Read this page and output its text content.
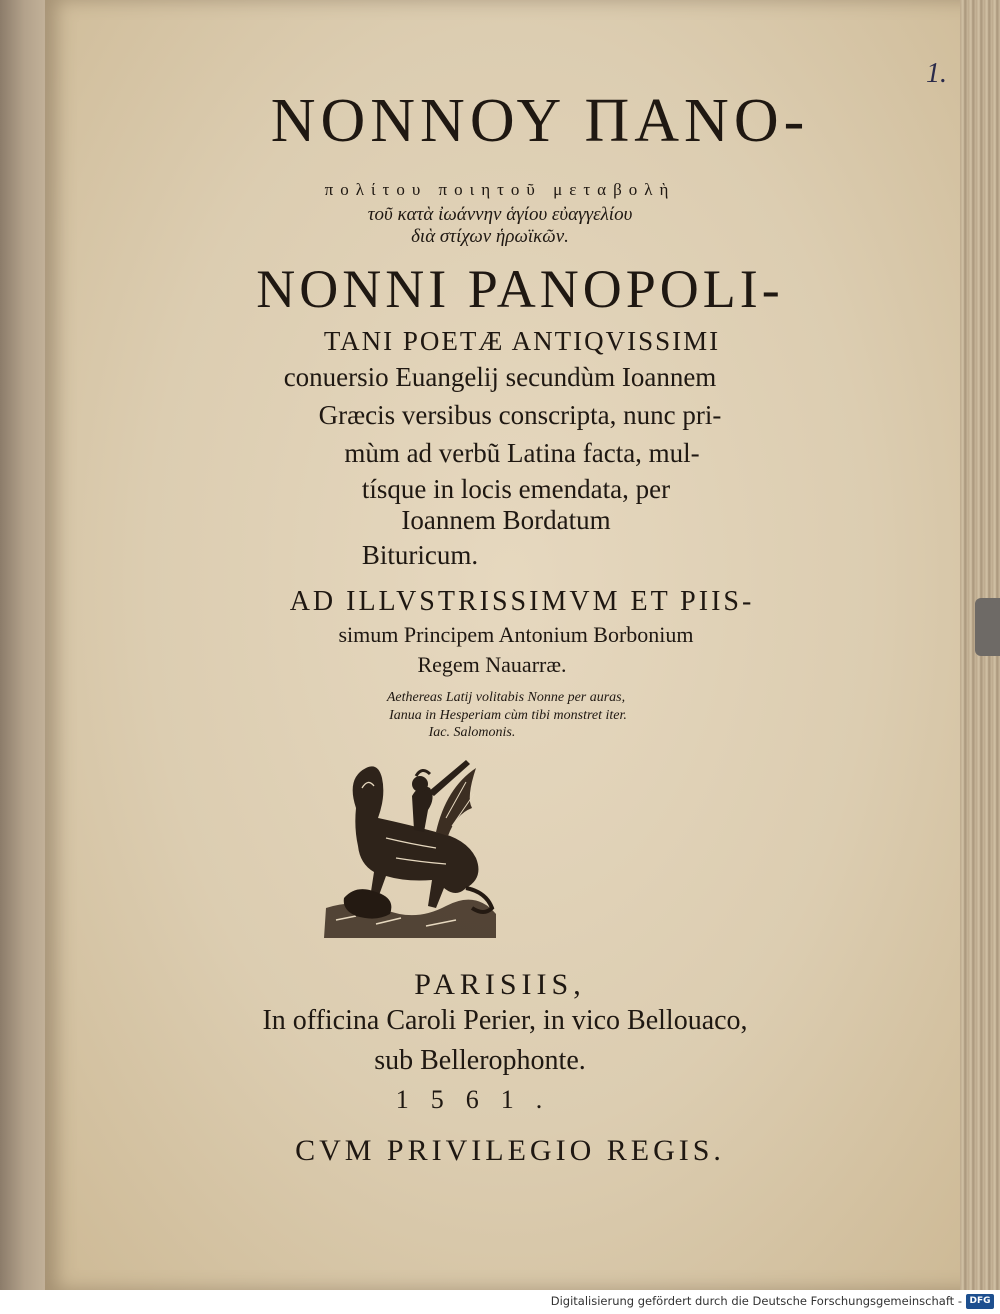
1.
ΝΟΝΝΟΥ ΠΑΝΟ-
πολίτου ποιητοῦ μεταβολὴ
τοῦ κατὰ ἰωάννην ἁγίου εὐαγγελίου
διὰ στίχων ἡρωϊκῶν.
NONNI PANOPOLI-
TANI POETÆ ANTIQVISSIMI
conuersio Euangelij secundùm Ioannem
Græcis versibus conscripta, nunc pri-
mùm ad verbũ Latina facta, mul-
tísque in locis emendata, per
Ioannem Bordatum
Bituricum.
AD ILLVSTRISSIMVM ET PIIS-
simum Principem Antonium Borbonium
Regem Nauarræ.
Aethereas Latij volitabis Nonne per auras,
Ianua in Hesperiam cùm tibi monstret iter.
Iac. Salomonis.
PARISIIS,
In officina Caroli Perier, in vico Bellouaco,
sub Bellerophonte.
1561.
CVM PRIVILEGIO REGIS.
Digitalisierung gefördert durch die Deutsche Forschungsgemeinschaft - DFG
